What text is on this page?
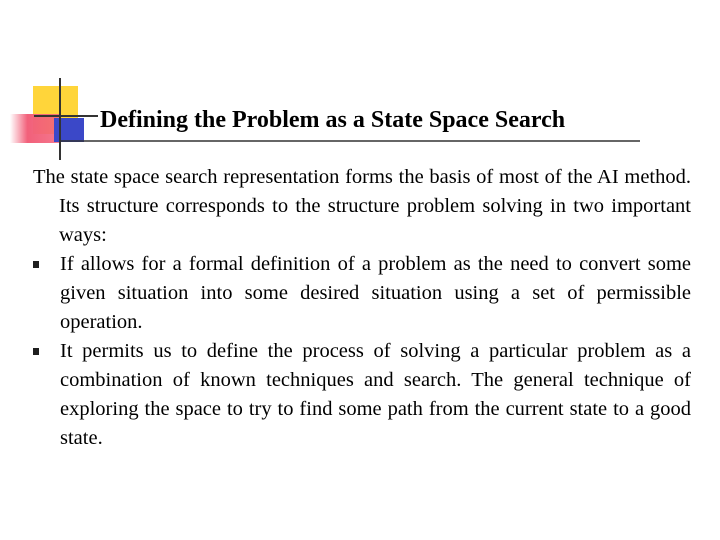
Defining the Problem as a State Space Search

The state space search representation forms the basis of most of the AI method. Its structure corresponds to the structure problem solving in two important ways:

If allows for a formal definition of a problem as the need to convert some given situation into some desired situation using a set of permissible operation.
It permits us to define the process of solving a particular problem as a combination of known techniques and search. The general technique of exploring the space to try to find some path from the current state to a good state.
